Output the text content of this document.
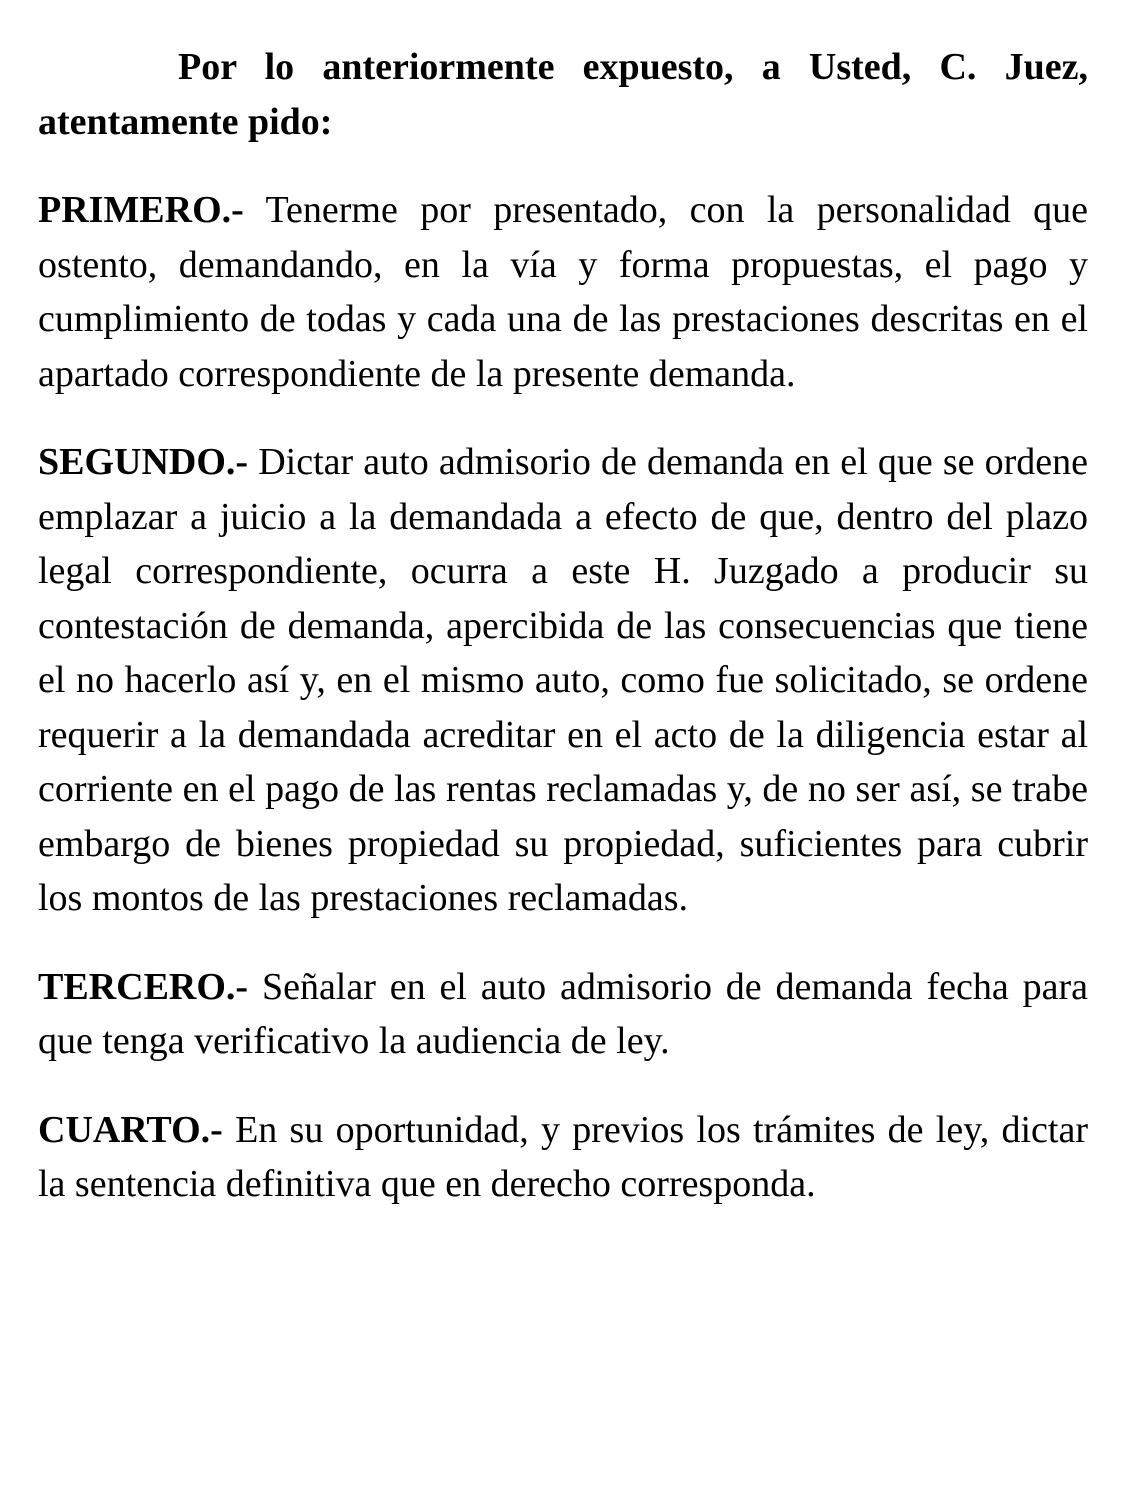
Por lo anteriormente expuesto, a Usted, C. Juez, atentamente pido:

PRIMERO.- Tenerme por presentado, con la personalidad que ostento, demandando, en la vía y forma propuestas, el pago y cumplimiento de todas y cada una de las prestaciones descritas en el apartado correspondiente de la presente demanda.

SEGUNDO.- Dictar auto admisorio de demanda en el que se ordene emplazar a juicio a la demandada a efecto de que, dentro del plazo legal correspondiente, ocurra a este H. Juzgado a producir su contestación de demanda, apercibida de las consecuencias que tiene el no hacerlo así y, en el mismo auto, como fue solicitado, se ordene requerir a la demandada acreditar en el acto de la diligencia estar al corriente en el pago de las rentas reclamadas y, de no ser así, se trabe embargo de bienes propiedad su propiedad, suficientes para cubrir los montos de las prestaciones reclamadas.

TERCERO.- Señalar en el auto admisorio de demanda fecha para que tenga verificativo la audiencia de ley.

CUARTO.- En su oportunidad, y previos los trámites de ley, dictar la sentencia definitiva que en derecho corresponda.
